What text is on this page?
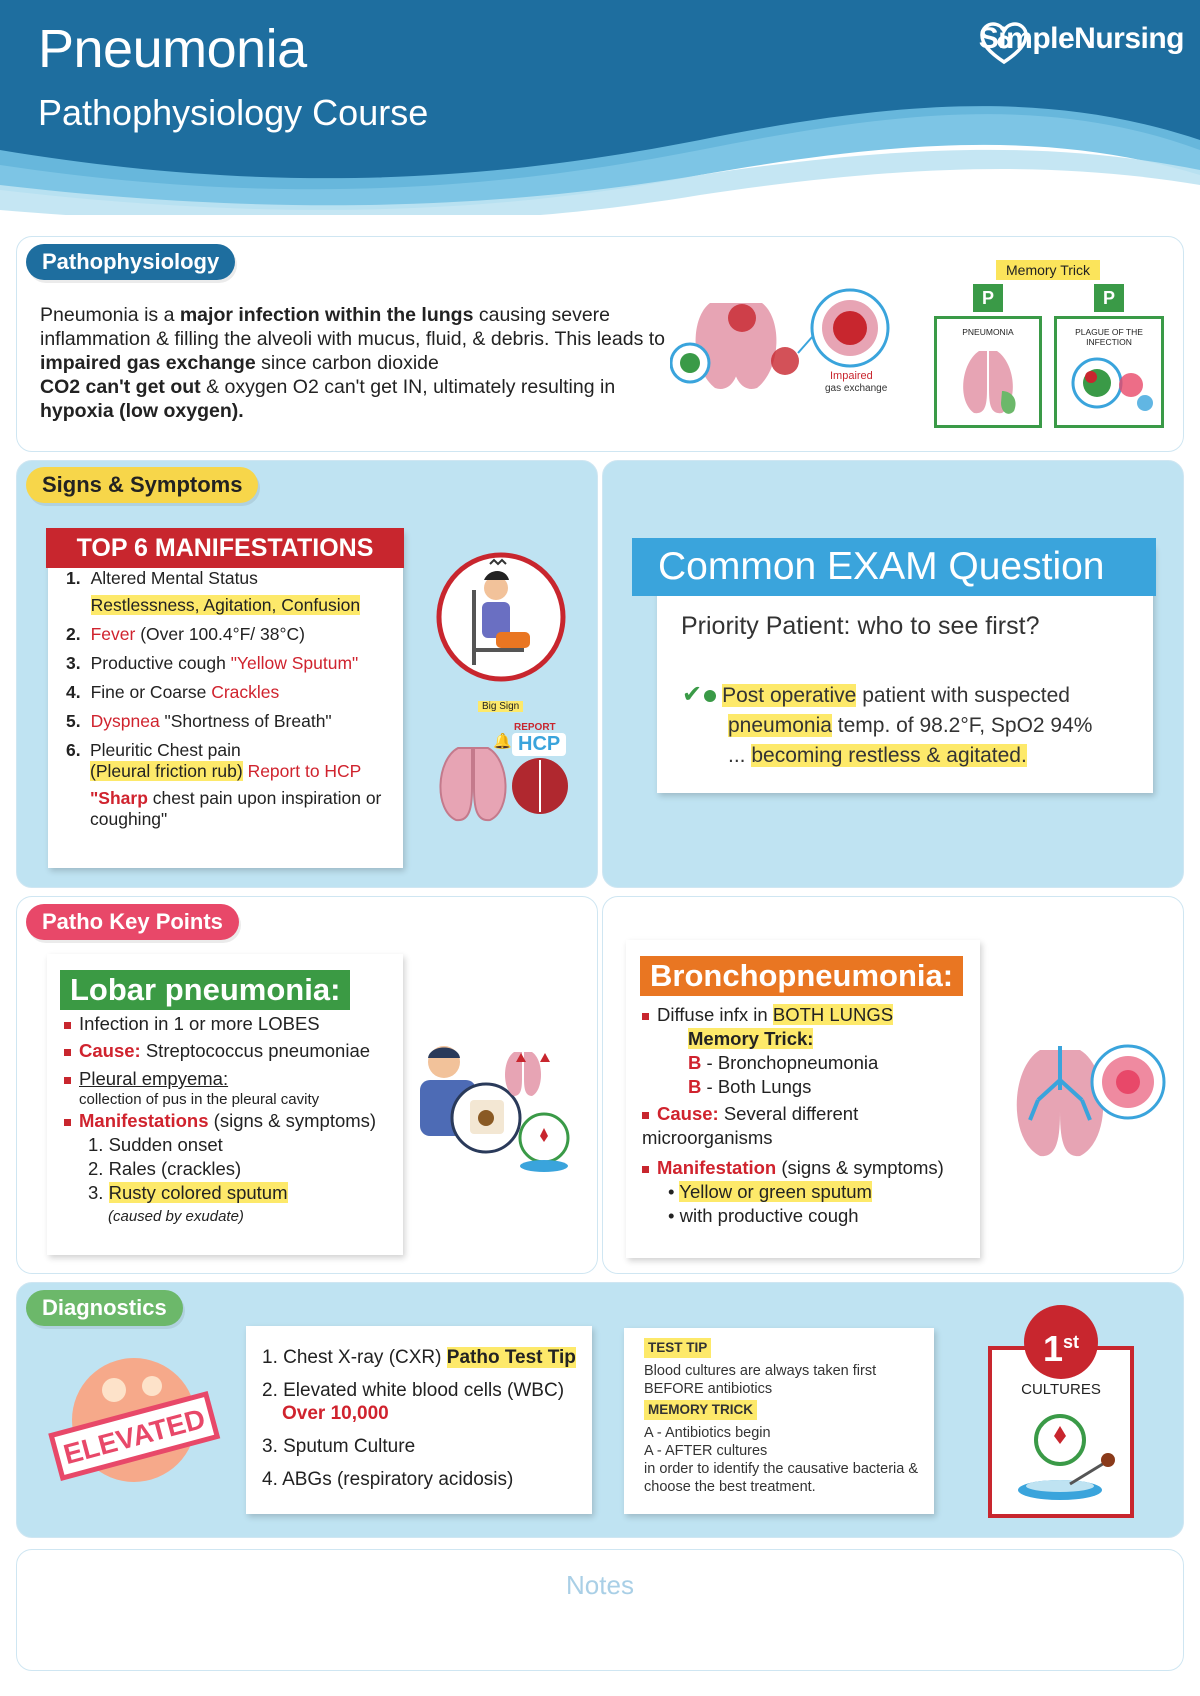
Pneumonia
Pathophysiology Course
SimpleNursing
Pathophysiology
Pneumonia is a major infection within the lungs causing severe inflammation & filling the alveoli with mucus, fluid, & debris. This leads to impaired gas exchange since carbon dioxide
CO2 can't get out & oxygen O2 can't get IN, ultimately resulting in hypoxia (low oxygen).
Impaired
gas exchange
Memory Trick
P	P
PNEUMONIA	PLAGUE OF THE INFECTION
Signs & Symptoms
TOP 6 MANIFESTATIONS
1. Altered Mental Status
Restlessness, Agitation, Confusion
2. Fever (Over 100.4°F/ 38°C)
3. Productive cough "Yellow Sputum"
4. Fine or Coarse Crackles
5. Dyspnea "Shortness of Breath"
6. Pleuritic Chest pain
(Pleural friction rub) Report to HCP
"Sharp chest pain upon inspiration or coughing"
Big Sign
REPORT
🔔 HCP
Common EXAM Question
Priority Patient: who to see first?
✔ Post operative patient with suspected
pneumonia temp. of 98.2°F, SpO2 94%
... becoming restless & agitated.
Patho Key Points
Lobar pneumonia:
Infection in 1 or more LOBES
Cause: Streptococcus pneumoniae
Pleural empyema:
collection of pus in the pleural cavity
Manifestations (signs & symptoms)
1. Sudden onset
2. Rales (crackles)
3. Rusty colored sputum
(caused by exudate)
Bronchopneumonia:
Diffuse infx in BOTH LUNGS
Memory Trick:
B - Bronchopneumonia
B - Both Lungs
Cause: Several different microorganisms
Manifestation (signs & symptoms)
• Yellow or green sputum
• with productive cough
Diagnostics
ELEVATED
1. Chest X-ray (CXR) Patho Test Tip
2. Elevated white blood cells (WBC)
Over 10,000
3. Sputum Culture
4. ABGs (respiratory acidosis)
TEST TIP
Blood cultures are always taken first BEFORE antibiotics
MEMORY TRICK
A - Antibiotics begin
A - AFTER cultures
in order to identify the causative bacteria & choose the best treatment.
1st
CULTURES
Notes
